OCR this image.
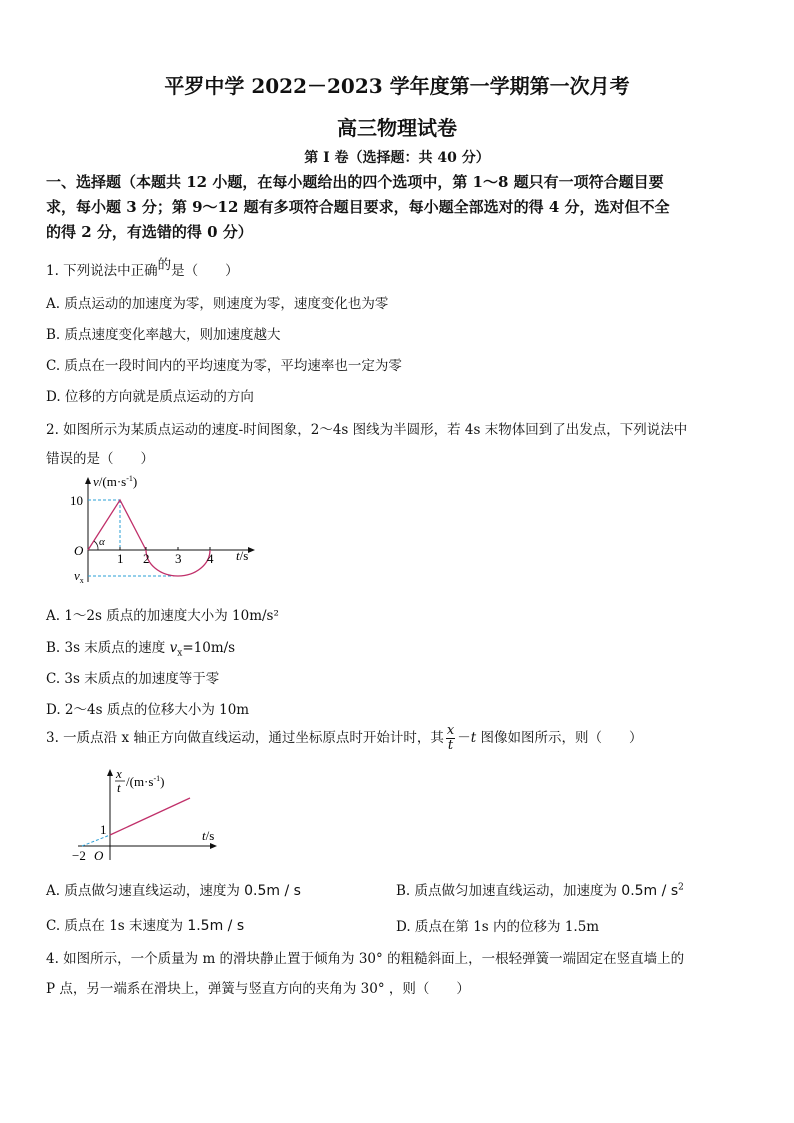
平罗中学 2022－2023 学年度第一学期第一次月考
高三物理试卷
第 I 卷（选择题：共 40 分）
一、选择题（本题共 12 小题，在每小题给出的四个选项中，第 1～8 题只有一项符合题目要
求，每小题 3 分；第 9～12 题有多项符合题目要求，每小题全部选对的得 4 分，选对但不全
的得 2 分，有选错的得 0 分）
1. 下列说法中正确的是（　　）
A. 质点运动的加速度为零，则速度为零，速度变化也为零
B. 质点速度变化率越大，则加速度越大
C. 质点在一段时间内的平均速度为零，平均速率也一定为零
D. 位移的方向就是质点运动的方向
2. 如图所示为某质点运动的速度-时间图象，2～4s 图线为半圆形，若 4s 末物体回到了出发点，下列说法中
错误的是（　　）
$v/(m\cdot s^{-1})$
10
O
α
1 2 3 4 t/s
$v_x$
A. 1～2s 质点的加速度大小为 10m/s²
B. 3s 末质点的速度 $v_x=10m/s$
C. 3s 末质点的加速度等于零
D. 2～4s 质点的位移大小为 10m
3. 一质点沿 x 轴正方向做直线运动，通过坐标原点时开始计时，其 $\frac{x}{t} -t$ 图像如图所示，则（　　）
x
t $/(m\cdot s^{-1})$
1
−2 O
t/s
A. 质点做匀速直线运动，速度为 0.5m / s	B. 质点做匀加速直线运动，加速度为 $0.5m / s^2$
C. 质点在 1s 末速度为 1.5m / s	D. 质点在第 1s 内的位移为 1.5m
4. 如图所示，一个质量为 m 的滑块静止置于倾角为 30° 的粗糙斜面上，一根轻弹簧一端固定在竖直墙上的
P 点，另一端系在滑块上，弹簧与竖直方向的夹角为 30° ，则（　　）
